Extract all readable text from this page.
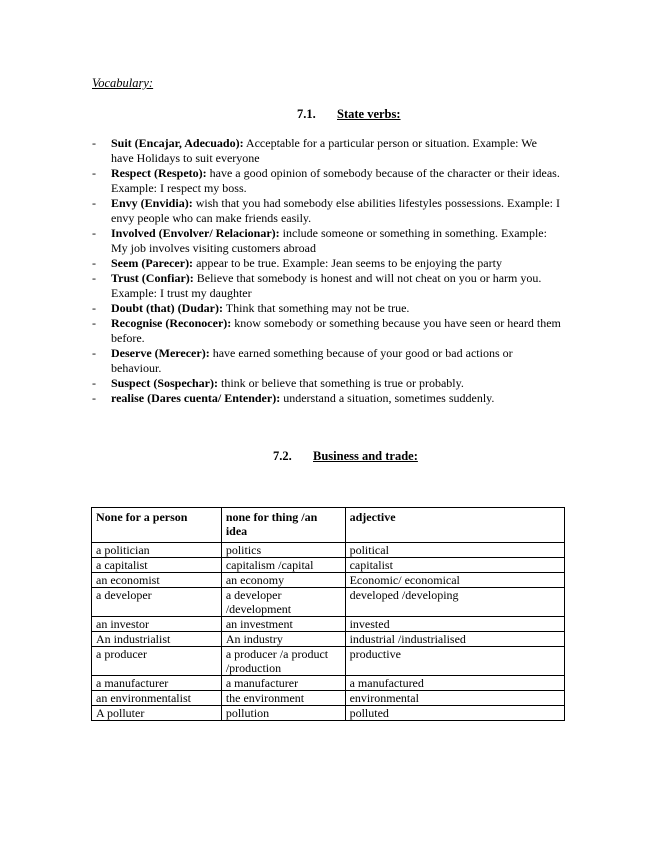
Vocabulary:
7.1. State verbs:
- Suit (Encajar, Adecuado): Acceptable for a particular person or situation. Example: We have Holidays to suit everyone
- Respect (Respeto): have a good opinion of somebody because of the character or their ideas. Example: I respect my boss.
- Envy (Envidia): wish that you had somebody else abilities lifestyles possessions. Example: I envy people who can make friends easily.
- Involved (Envolver/ Relacionar): include someone or something in something. Example: My job involves visiting customers abroad
- Seem (Parecer): appear to be true. Example: Jean seems to be enjoying the party
- Trust (Confiar): Believe that somebody is honest and will not cheat on you or harm you. Example: I trust my daughter
- Doubt (that) (Dudar): Think that something may not be true.
- Recognise (Reconocer): know somebody or something because you have seen or heard them before.
- Deserve (Merecer): have earned something because of your good or bad actions or behaviour.
- Suspect (Sospechar): think or believe that something is true or probably.
- realise (Dares cuenta/ Entender): understand a situation, sometimes suddenly.
7.2. Business and trade:
None for a person	none for thing /an idea	adjective
a politician	politics	political
a capitalist	capitalism /capital	capitalist
an economist	an economy	Economic/ economical
a developer	a developer /development	developed /developing
an investor	an investment	invested
An industrialist	An industry	industrial /industrialised
a producer	a producer /a product /production	productive
a manufacturer	a manufacturer	a manufactured
an environmentalist	the environment	environmental
A polluter	pollution	polluted
